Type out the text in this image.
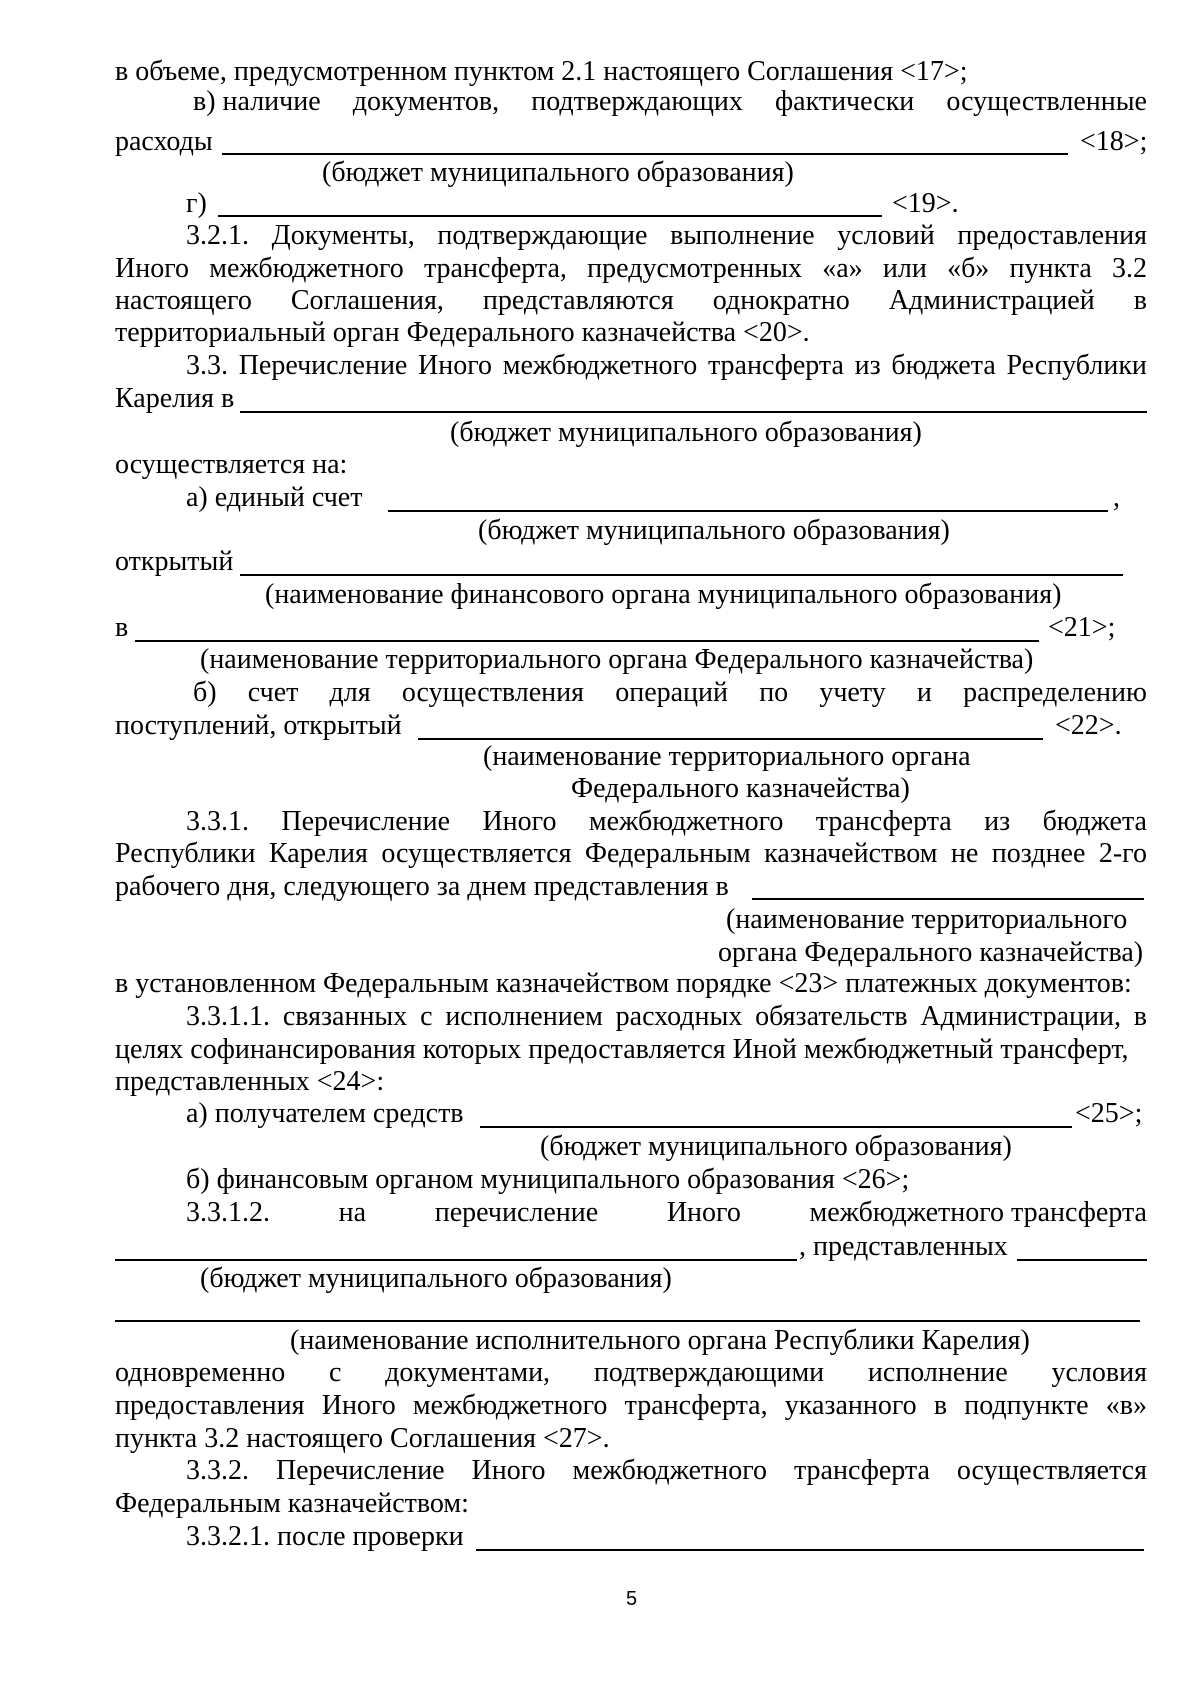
в объеме, предусмотренном пунктом 2.1 настоящего Соглашения <17>;
в) наличие документов, подтверждающих фактически осуществленные
расходы	<18>;
(бюджет муниципального образования)
г)	<19>.
3.2.1. Документы, подтверждающие выполнение условий предоставления
Иного межбюджетного трансферта, предусмотренных «а» или «б» пункта 3.2
настоящего Соглашения, представляются однократно Администрацией в
территориальный орган Федерального казначейства <20>.
3.3. Перечисление Иного межбюджетного трансферта из бюджета Республики
Карелия в
(бюджет муниципального образования)
осуществляется на:
а) единый счет	,
(бюджет муниципального образования)
открытый
(наименование финансового органа муниципального образования)
в	<21>;
(наименование территориального органа Федерального казначейства)
б) счет для осуществления операций по учету и распределению
поступлений, открытый	<22>.
(наименование территориального органа
Федерального казначейства)
3.3.1. Перечисление Иного межбюджетного трансферта из бюджета
Республики Карелия осуществляется Федеральным казначейством не позднее 2-го
рабочего дня, следующего за днем представления в
(наименование территориального
органа Федерального казначейства)
в установленном Федеральным казначейством порядке <23> платежных документов:
3.3.1.1. связанных с исполнением расходных обязательств Администрации, в
целях софинансирования которых предоставляется Иной межбюджетный трансферт,
представленных <24>:
а) получателем средств	<25>;
(бюджет муниципального образования)
б) финансовым органом муниципального образования <26>;
3.3.1.2. на перечисление Иного межбюджетного трансферта
, представленных
(бюджет муниципального образования)
(наименование исполнительного органа Республики Карелия)
одновременно с документами, подтверждающими исполнение условия
предоставления Иного межбюджетного трансферта, указанного в подпункте «в»
пункта 3.2 настоящего Соглашения <27>.
3.3.2. Перечисление Иного межбюджетного трансферта осуществляется
Федеральным казначейством:
3.3.2.1. после проверки
5
